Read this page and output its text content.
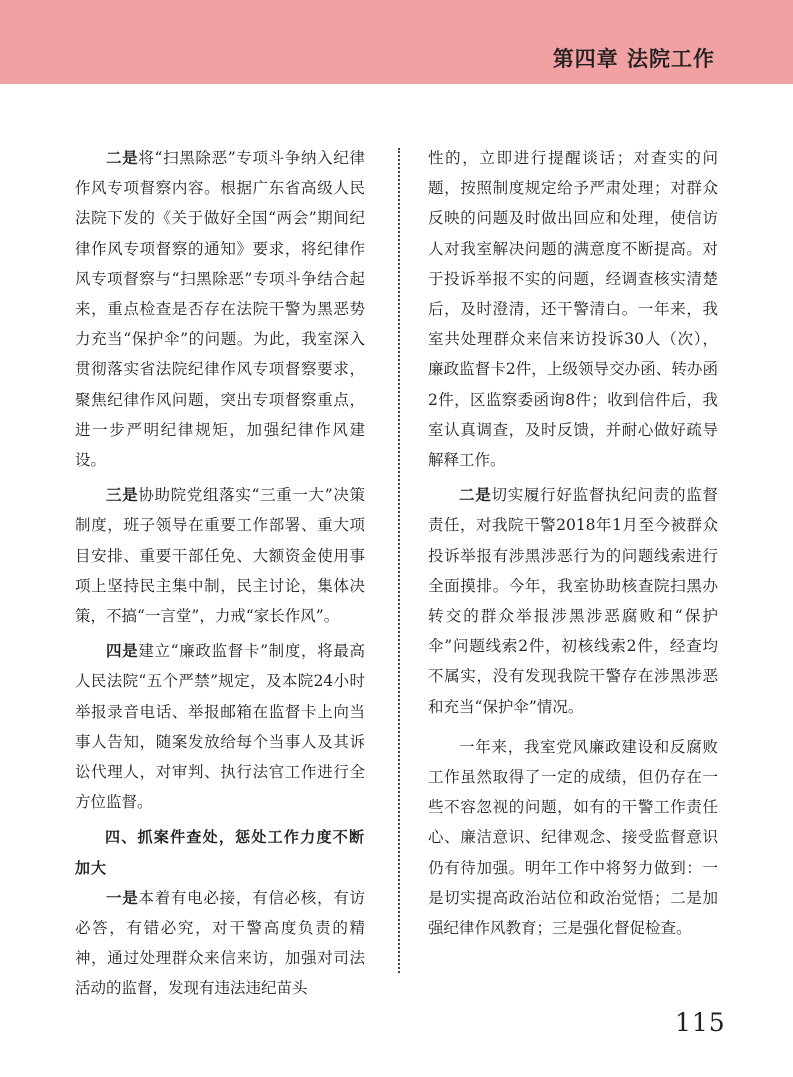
第四章 法院工作

二是将“扫黑除恶”专项斗争纳入纪律作风专项督察内容。根据广东省高级人民法院下发的《关于做好全国“两会”期间纪律作风专项督察的通知》要求，将纪律作风专项督察与“扫黑除恶”专项斗争结合起来，重点检查是否存在法院干警为黑恶势力充当“保护伞”的问题。为此，我室深入贯彻落实省法院纪律作风专项督察要求，聚焦纪律作风问题，突出专项督察重点，进一步严明纪律规矩，加强纪律作风建设。

三是协助院党组落实“三重一大”决策制度，班子领导在重要工作部署、重大项目安排、重要干部任免、大额资金使用事项上坚持民主集中制，民主讨论，集体决策，不搞“一言堂”，力戒“家长作风”。

四是建立“廉政监督卡”制度，将最高人民法院“五个严禁”规定，及本院24小时举报录音电话、举报邮箱在监督卡上向当事人告知，随案发放给每个当事人及其诉讼代理人，对审判、执行法官工作进行全方位监督。

四、抓案件查处，惩处工作力度不断加大

一是本着有电必接，有信必核，有访必答，有错必究，对干警高度负责的精神，通过处理群众来信来访，加强对司法活动的监督，发现有违法违纪苗头

性的，立即进行提醒谈话；对查实的问题，按照制度规定给予严肃处理；对群众反映的问题及时做出回应和处理，使信访人对我室解决问题的满意度不断提高。对于投诉举报不实的问题，经调查核实清楚后，及时澄清，还干警清白。一年来，我室共处理群众来信来访投诉30人（次），廉政监督卡2件，上级领导交办函、转办函2件，区监察委函询8件；收到信件后，我室认真调查，及时反馈，并耐心做好疏导解释工作。

二是切实履行好监督执纪问责的监督责任，对我院干警2018年1月至今被群众投诉举报有涉黑涉恶行为的问题线索进行全面摸排。今年，我室协助核查院扫黑办转交的群众举报涉黑涉恶腐败和“保护伞”问题线索2件，初核线索2件，经查均不属实，没有发现我院干警存在涉黑涉恶和充当“保护伞”情况。

一年来，我室党风廉政建设和反腐败工作虽然取得了一定的成绩，但仍存在一些不容忽视的问题，如有的干警工作责任心、廉洁意识、纪律观念、接受监督意识仍有待加强。明年工作中将努力做到：一是切实提高政治站位和政治觉悟；二是加强纪律作风教育；三是强化督促检查。

115
